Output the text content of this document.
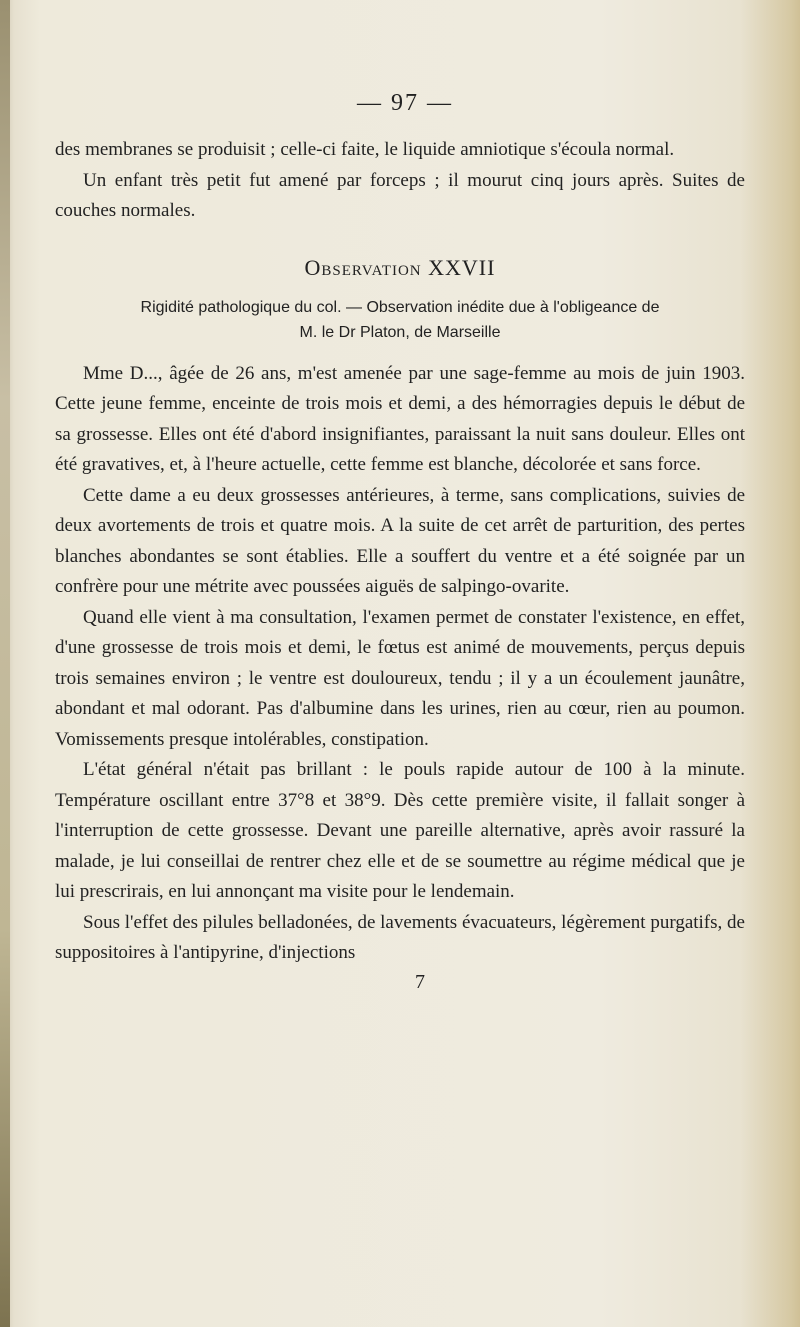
— 97 —

des membranes se produisit ; celle-ci faite, le liquide amniotique s'écoula normal.

Un enfant très petit fut amené par forceps ; il mourut cinq jours après. Suites de couches normales.

Observation XXVII
Rigidité pathologique du col. — Observation inédite due à l'obligeance de
M. le Dr Platon, de Marseille

Mme D..., âgée de 26 ans, m'est amenée par une sage-femme au mois de juin 1903. Cette jeune femme, enceinte de trois mois et demi, a des hémorragies depuis le début de sa grossesse. Elles ont été d'abord insignifiantes, paraissant la nuit sans douleur. Elles ont été gravatives, et, à l'heure actuelle, cette femme est blanche, décolorée et sans force.

Cette dame a eu deux grossesses antérieures, à terme, sans complications, suivies de deux avortements de trois et quatre mois. A la suite de cet arrêt de parturition, des pertes blanches abondantes se sont établies. Elle a souffert du ventre et a été soignée par un confrère pour une métrite avec poussées aiguës de salpingo-ovarite.

Quand elle vient à ma consultation, l'examen permet de constater l'existence, en effet, d'une grossesse de trois mois et demi, le fœtus est animé de mouvements, perçus depuis trois semaines environ ; le ventre est douloureux, tendu ; il y a un écoulement jaunâtre, abondant et mal odorant. Pas d'albumine dans les urines, rien au cœur, rien au poumon. Vomissements presque intolérables, constipation.

L'état général n'était pas brillant : le pouls rapide autour de 100 à la minute. Température oscillant entre 37°8 et 38°9. Dès cette première visite, il fallait songer à l'interruption de cette grossesse. Devant une pareille alternative, après avoir rassuré la malade, je lui conseillai de rentrer chez elle et de se soumettre au régime médical que je lui prescrirais, en lui annonçant ma visite pour le lendemain.

Sous l'effet des pilules belladonées, de lavements évacuateurs, légèrement purgatifs, de suppositoires à l'antipyrine, d'injections

7
